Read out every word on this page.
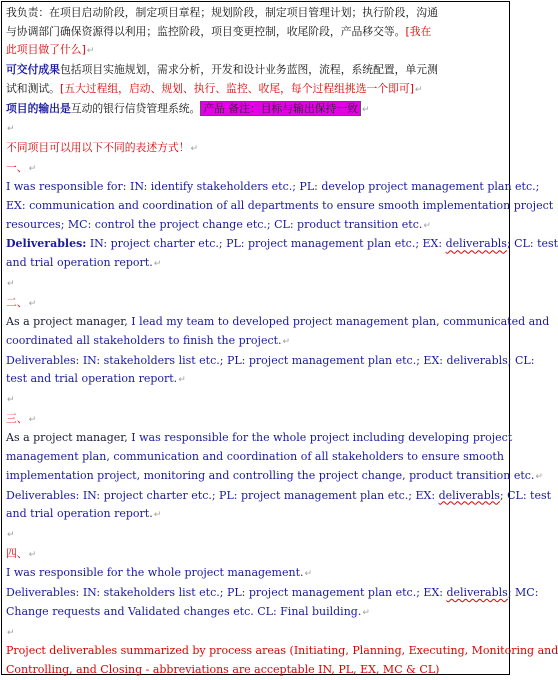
我负责：在项目启动阶段，制定项目章程；规划阶段，制定项目管理计划；执行阶段，沟通
与协调部门确保资源得以利用；监控阶段，项目变更控制，收尾阶段，产品移交等。[我在
此项目做了什么]↵
可交付成果包括项目实施规划，需求分析，开发和设计业务蓝图，流程，系统配置，单元测
试和测试。[五大过程组，启动、规划、执行、监控、收尾，每个过程组挑选一个即可]↵
项目的输出是互动的银行信贷管理系统。 产品 备注：目标与输出保持一致 ↵
↵
不同项目可以用以下不同的表述方式！↵
一、↵
I was responsible for: IN: identify stakeholders etc.; PL: develop project management plan etc.;
EX: communication and coordination of all departments to ensure smooth implementation project
resources; MC: control the project change etc.; CL: product transition etc.↵
Deliverables: IN: project charter etc.; PL: project management plan etc.; EX: deliverabls; CL: test
and trial operation report.↵
↵
二、↵
As a project manager, I lead my team to developed project management plan, communicated and
coordinated all stakeholders to finish the project.↵
Deliverables: IN: stakeholders list etc.; PL: project management plan etc.; EX: deliverabls; CL:
test and trial operation report.↵
↵
三、↵
As a project manager, I was responsible for the whole project including developing project
management plan, communication and coordination of all stakeholders to ensure smooth
implementation project, monitoring and controlling the project change, product transition etc.↵
Deliverables: IN: project charter etc.; PL: project management plan etc.; EX: deliverabls; CL: test
and trial operation report.↵
↵
四、↵
I was responsible for the whole project management.↵
Deliverables: IN: stakeholders list etc.; PL: project management plan etc.; EX: deliverabls; MC:
Change requests and Validated changes etc. CL: Final building.↵
↵
Project deliverables summarized by process areas (Initiating, Planning, Executing, Monitoring and
Controlling, and Closing - abbreviations are acceptable IN, PL, EX, MC & CL)
